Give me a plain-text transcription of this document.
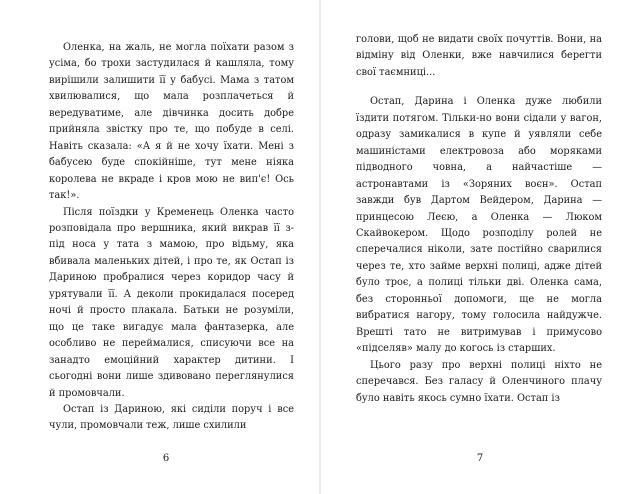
Оленка, на жаль, не могла поїхати разом з усіма, бо трохи застудилася й кашляла, тому вирішили залишити її у бабусі. Мама з татом хвилювалися, що мала розплачеться й вередуватиме, але дівчинка досить добре прийняла звістку про те, що побуде в селі. Навіть сказала: «А я й не хочу їхати. Мені з бабусею буде спокійніше, тут мене ніяка королева не вкраде і кров мою не вип'є! Ось так!».

Після поїздки у Кременець Оленка часто розповідала про вершника, який викрав її з-під носа у тата з мамою, про відьму, яка вбивала маленьких дітей, і про те, як Остап із Дариною пробралися через коридор часу й урятували її. А деколи прокидалася посеред ночі й просто плакала. Батьки не розуміли, що це таке вигадує мала фантазерка, але особливо не переймалися, списуючи все на занадто емоційний характер дитини. І сьогодні вони лише здивовано переглянулися й промовчали.

Остап із Дариною, які сиділи поруч і все чули, промовчали теж, лише схилили

6

голови, щоб не видати своїх почуттів. Вони, на відміну від Оленки, вже навчилися берегти свої таємниці...

Остап, Дарина і Оленка дуже любили їздити потягом. Тільки-но вони сідали у вагон, одразу замикалися в купе й уявляли себе машиністами електровоза або моряками підводного човна, а найчастіше — астронавтами із «Зоряних воєн». Остап завжди був Дартом Вейдером, Дарина — принцесою Леєю, а Оленка — Люком Скайвокером. Щодо розподілу ролей не сперечалися ніколи, зате постійно сварилися через те, хто займе верхні полиці, адже дітей було троє, а полиці тільки дві. Оленка сама, без сторонньої допомоги, ще не могла вибратися нагору, тому голосила найдужче. Врешті тато не витримував і примусово «підселяв» малу до когось із старших.

Цього разу про верхні полиці ніхто не сперечався. Без галасу й Оленчиного плачу було навіть якось сумно їхати. Остап із

7
